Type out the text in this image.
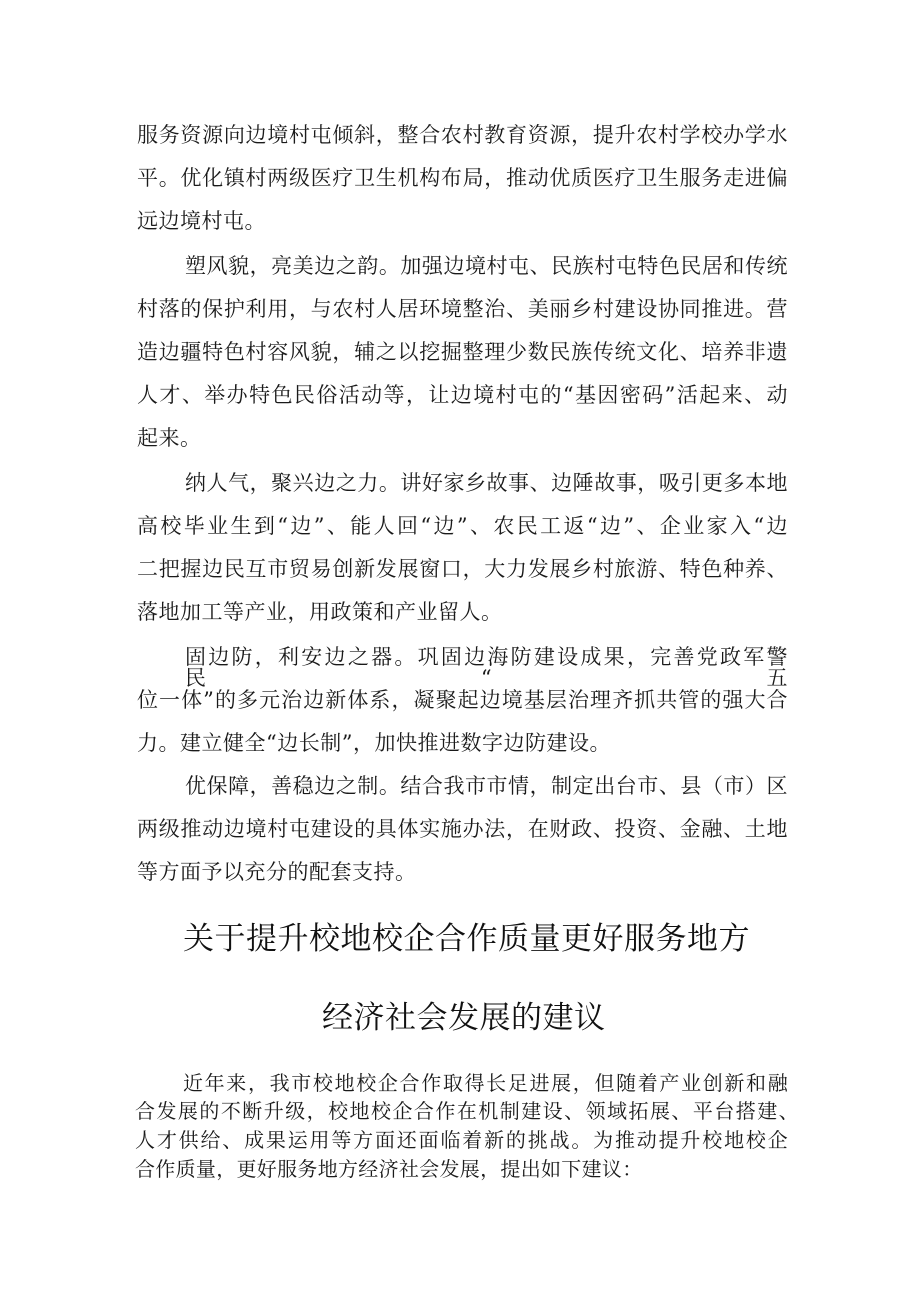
服务资源向边境村屯倾斜，整合农村教育资源，提升农村学校办学水
平。优化镇村两级医疗卫生机构布局，推动优质医疗卫生服务走进偏
远边境村屯。
塑风貌，亮美边之韵。加强边境村屯、民族村屯特色民居和传统
村落的保护利用，与农村人居环境整治、美丽乡村建设协同推进。营
造边疆特色村容风貌，辅之以挖掘整理少数民族传统文化、培养非遗
人才、举办特色民俗活动等，让边境村屯的“基因密码”活起来、动
起来。
纳人气，聚兴边之力。讲好家乡故事、边陲故事，吸引更多本地
高校毕业生到“边”、能人回“边”、农民工返“边”、企业家入“边
二把握边民互市贸易创新发展窗口，大力发展乡村旅游、特色种养、
落地加工等产业，用政策和产业留人。
固边防，利安边之器。巩固边海防建设成果，完善党政军警民“五
位一体”的多元治边新体系，凝聚起边境基层治理齐抓共管的强大合
力。建立健全“边长制”，加快推进数字边防建设。
优保障，善稳边之制。结合我市市情，制定出台市、县（市）区
两级推动边境村屯建设的具体实施办法，在财政、投资、金融、土地
等方面予以充分的配套支持。
关于提升校地校企合作质量更好服务地方
经济社会发展的建议
近年来，我市校地校企合作取得长足进展，但随着产业创新和融
合发展的不断升级，校地校企合作在机制建设、领域拓展、平台搭建、
人才供给、成果运用等方面还面临着新的挑战。为推动提升校地校企
合作质量，更好服务地方经济社会发展，提出如下建议：
